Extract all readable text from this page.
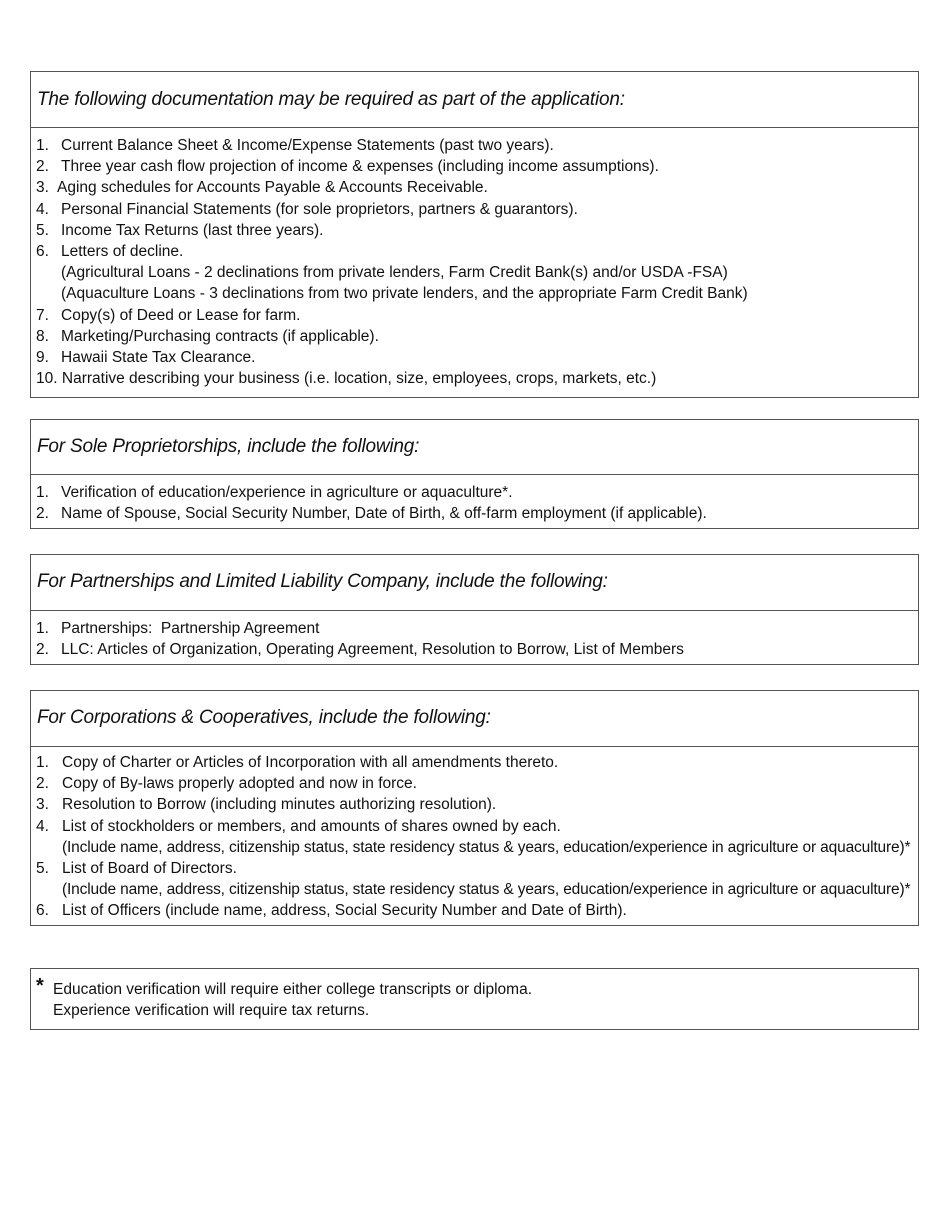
The following documentation may be required as part of the application:
1. Current Balance Sheet & Income/Expense Statements (past two years).
2. Three year cash flow projection of income & expenses (including income assumptions).
3. Aging schedules for Accounts Payable & Accounts Receivable.
4. Personal Financial Statements (for sole proprietors, partners & guarantors).
5. Income Tax Returns (last three years).
6. Letters of decline.
(Agricultural Loans - 2 declinations from private lenders, Farm Credit Bank(s) and/or USDA -FSA)
(Aquaculture Loans - 3 declinations from two private lenders, and the appropriate Farm Credit Bank)
7. Copy(s) of Deed or Lease for farm.
8. Marketing/Purchasing contracts (if applicable).
9. Hawaii State Tax Clearance.
10. Narrative describing your business (i.e. location, size, employees, crops, markets, etc.)
For Sole Proprietorships, include the following:
1. Verification of education/experience in agriculture or aquaculture*.
2. Name of Spouse, Social Security Number, Date of Birth, & off-farm employment (if applicable).
For Partnerships and Limited Liability Company, include the following:
1. Partnerships:  Partnership Agreement
2. LLC: Articles of Organization, Operating Agreement, Resolution to Borrow, List of Members
For Corporations & Cooperatives, include the following:
1. Copy of Charter or Articles of Incorporation with all amendments thereto.
2. Copy of By-laws properly adopted and now in force.
3. Resolution to Borrow (including minutes authorizing resolution).
4. List of stockholders or members, and amounts of shares owned by each.
(Include name, address, citizenship status, state residency status & years, education/experience in agriculture or aquaculture)*
5. List of Board of Directors.
(Include name, address, citizenship status, state residency status & years, education/experience in agriculture or aquaculture)*
6. List of Officers (include name, address, Social Security Number and Date of Birth).
* Education verification will require either college transcripts or diploma.
Experience verification will require tax returns.
